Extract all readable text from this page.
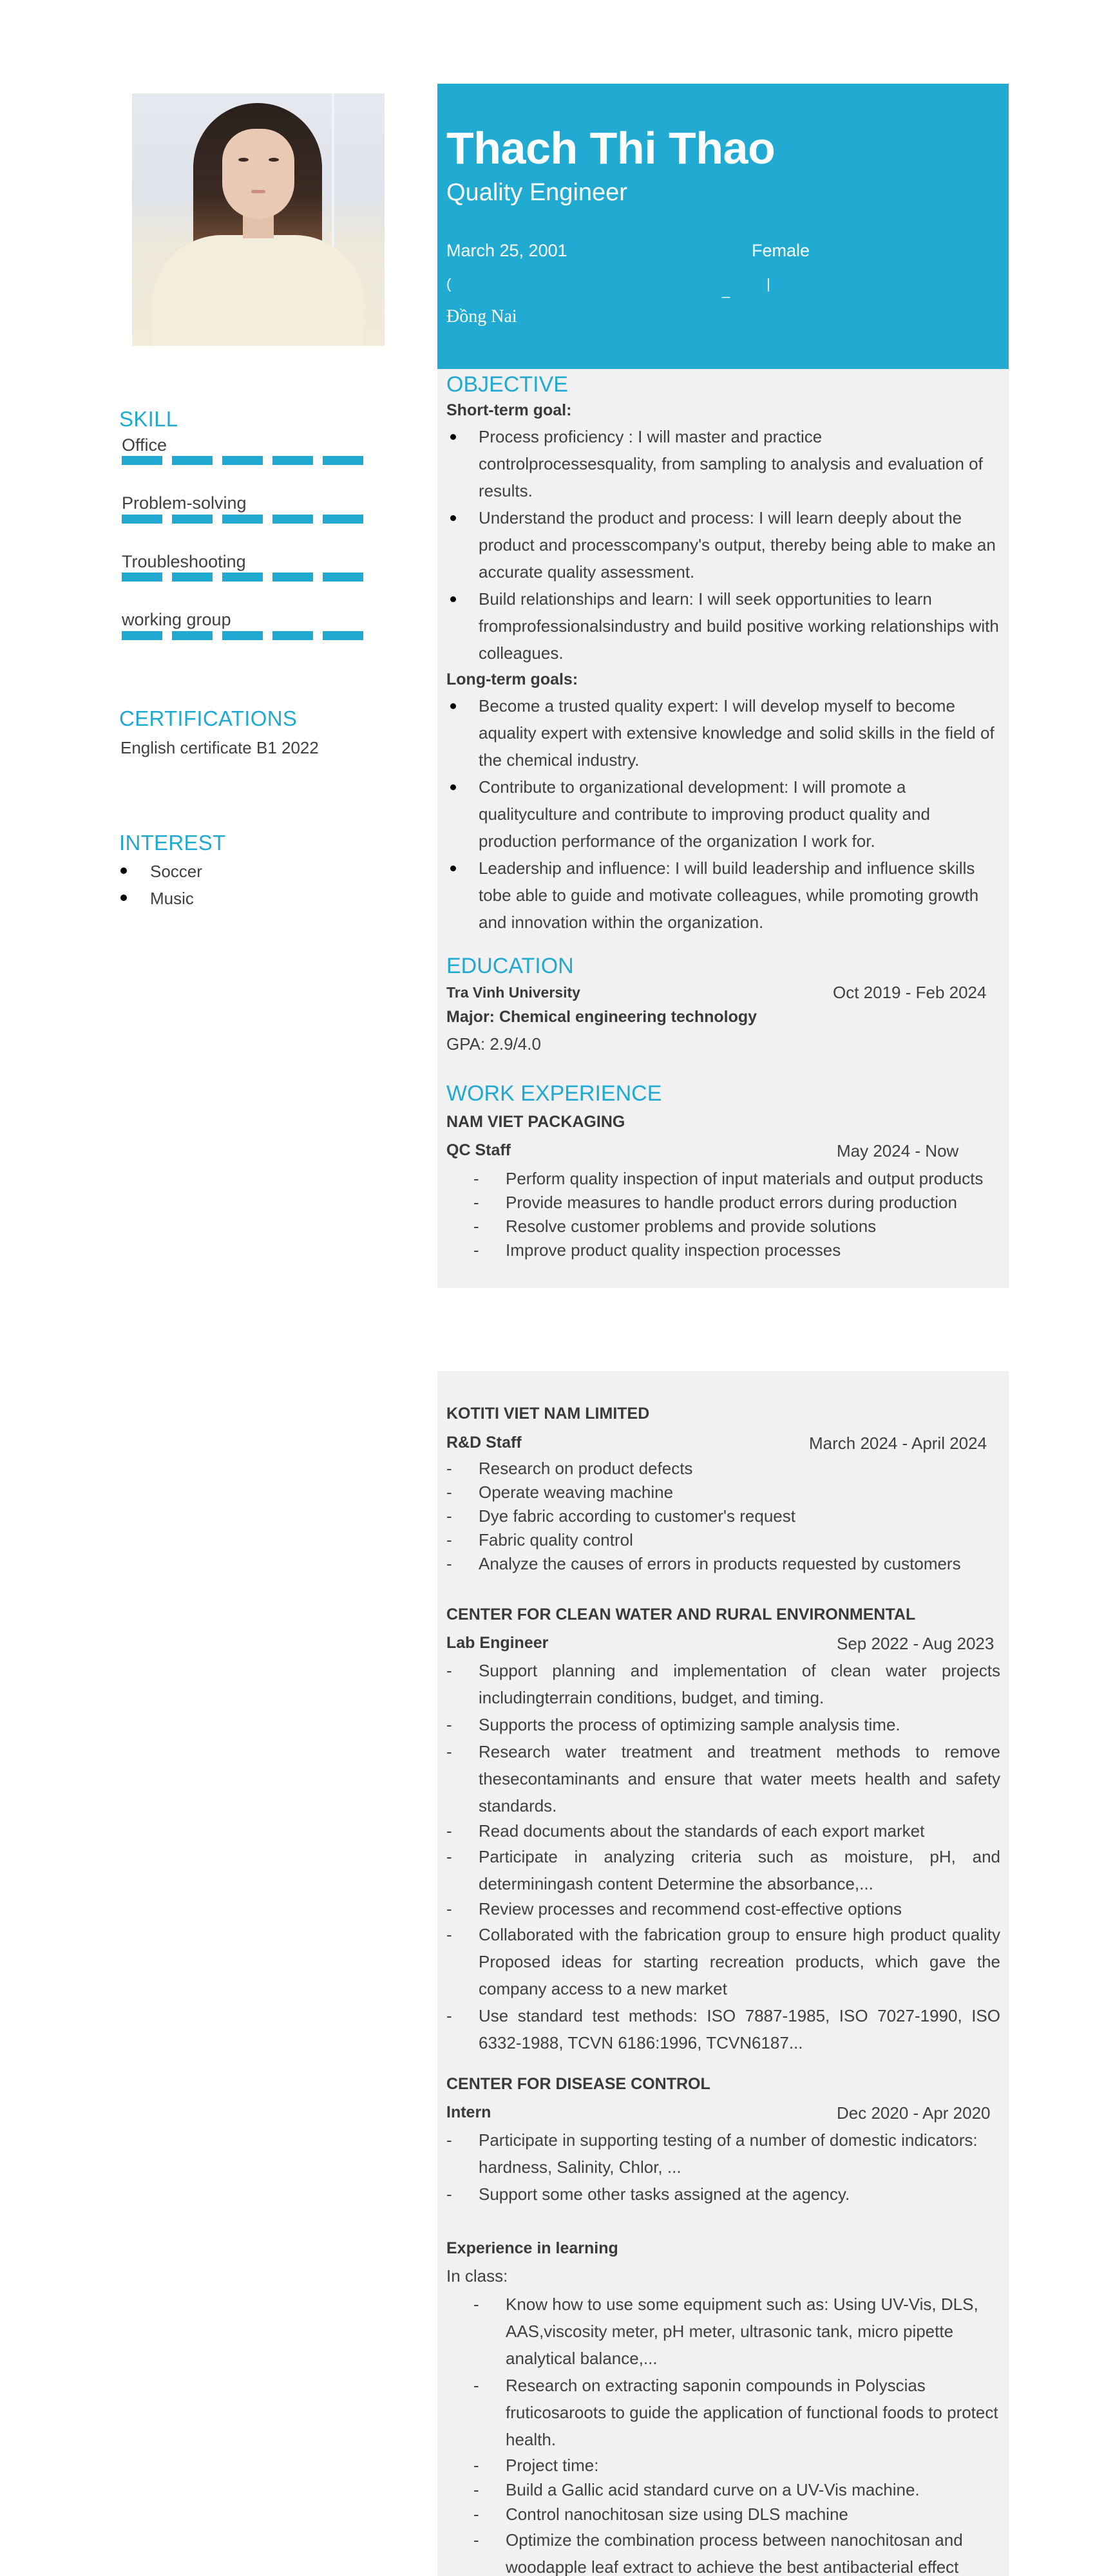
SKILL
Office
Problem-solving
Troubleshooting
working group
CERTIFICATIONS
English certificate B1 2022
INTEREST
Soccer
Music
Thach Thi Thao
Quality Engineer
March 25, 2001	Female
(	_	|
Đồng Nai
OBJECTIVE
Short-term goal:
Process proficiency : I will master and practice controlprocessesquality, from sampling to analysis and evaluation of results.
Understand the product and process: I will learn deeply about the product and processcompany's output, thereby being able to make an accurate quality assessment.
Build relationships and learn: I will seek opportunities to learn fromprofessionalsindustry and build positive working relationships with colleagues.
Long-term goals:
Become a trusted quality expert: I will develop myself to become aquality expert with extensive knowledge and solid skills in the field of the chemical industry.
Contribute to organizational development: I will promote a qualityculture and contribute to improving product quality and production performance of the organization I work for.
Leadership and influence: I will build leadership and influence skills tobe able to guide and motivate colleagues, while promoting growth and innovation within the organization.
EDUCATION
Tra Vinh University	Oct 2019 - Feb 2024
Major: Chemical engineering technology
GPA: 2.9/4.0
WORK EXPERIENCE
NAM VIET PACKAGING
QC Staff	May 2024 - Now
- Perform quality inspection of input materials and output products
- Provide measures to handle product errors during production
- Resolve customer problems and provide solutions
- Improve product quality inspection processes
KOTITI VIET NAM LIMITED
R&D Staff	March 2024 - April 2024
- Research on product defects
- Operate weaving machine
- Dye fabric according to customer's request
- Fabric quality control
- Analyze the causes of errors in products requested by customers
CENTER FOR CLEAN WATER AND RURAL ENVIRONMENTAL
Lab Engineer	Sep 2022 - Aug 2023
- Support planning and implementation of clean water projects includingterrain conditions, budget, and timing.
- Supports the process of optimizing sample analysis time.
- Research water treatment and treatment methods to remove thesecontaminants and ensure that water meets health and safety standards.
- Read documents about the standards of each export market
- Participate in analyzing criteria such as moisture, pH, and determiningash content Determine the absorbance,...
- Review processes and recommend cost-effective options
- Collaborated with the fabrication group to ensure high product quality Proposed ideas for starting recreation products, which gave the company access to a new market
- Use standard test methods: ISO 7887-1985, ISO 7027-1990, ISO 6332-1988, TCVN 6186:1996, TCVN6187...
CENTER FOR DISEASE CONTROL
Intern	Dec 2020 - Apr 2020
- Participate in supporting testing of a number of domestic indicators: hardness, Salinity, Chlor, ...
- Support some other tasks assigned at the agency.
Experience in learning
In class:
- Know how to use some equipment such as: Using UV-Vis, DLS, AAS,viscosity meter, pH meter, ultrasonic tank, micro pipette analytical balance,...
- Research on extracting saponin compounds in Polyscias fruticosaroots to guide the application of functional foods to protect health.
- Project time:
- Build a Gallic acid standard curve on a UV-Vis machine.
- Control nanochitosan size using DLS machine
- Optimize the combination process between nanochitosan and woodapple leaf extract to achieve the best antibacterial effect
